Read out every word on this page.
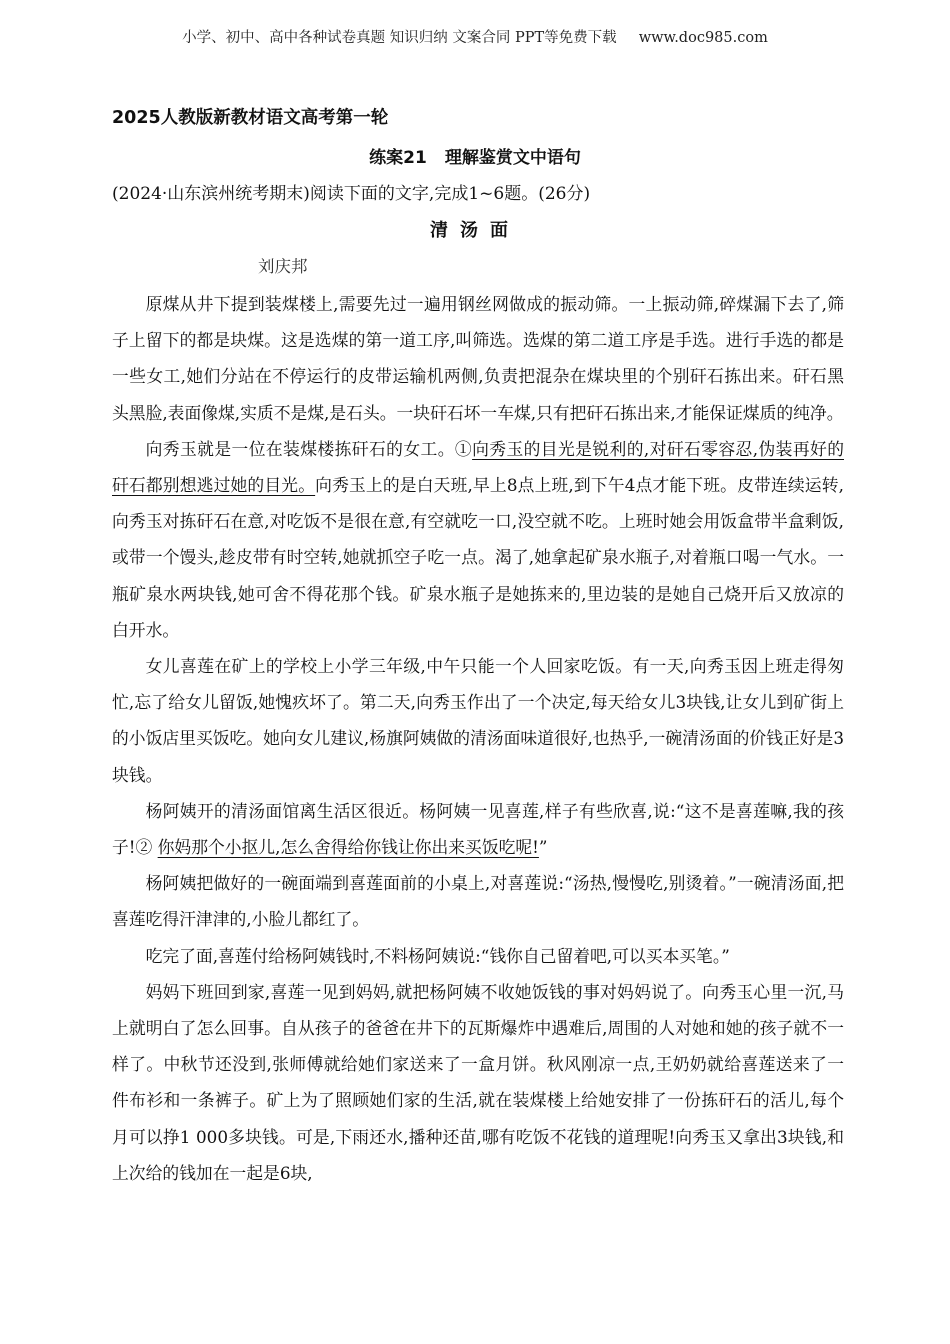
小学、初中、高中各种试卷真题 知识归纳 文案合同 PPT等免费下载 www.doc985.com
2025人教版新教材语文高考第一轮
练案21 理解鉴赏文中语句
(2024·山东滨州统考期末)阅读下面的文字,完成1~6题。(26分)
清汤面
刘庆邦

原煤从井下提到装煤楼上,需要先过一遍用钢丝网做成的振动筛。一上振动筛,碎煤漏下去了,筛子上留下的都是块煤。这是选煤的第一道工序,叫筛选。选煤的第二道工序是手选。进行手选的都是一些女工,她们分站在不停运行的皮带运输机两侧,负责把混杂在煤块里的个别矸石拣出来。矸石黑头黑脸,表面像煤,实质不是煤,是石头。一块矸石坏一车煤,只有把矸石拣出来,才能保证煤质的纯净。

向秀玉就是一位在装煤楼拣矸石的女工。①向秀玉的目光是锐利的,对矸石零容忍,伪装再好的矸石都别想逃过她的目光。向秀玉上的是白天班,早上8点上班,到下午4点才能下班。皮带连续运转,向秀玉对拣矸石在意,对吃饭不是很在意,有空就吃一口,没空就不吃。上班时她会用饭盒带半盒剩饭,或带一个馒头,趁皮带有时空转,她就抓空子吃一点。渴了,她拿起矿泉水瓶子,对着瓶口喝一气水。一瓶矿泉水两块钱,她可舍不得花那个钱。矿泉水瓶子是她拣来的,里边装的是她自己烧开后又放凉的白开水。

女儿喜莲在矿上的学校上小学三年级,中午只能一个人回家吃饭。有一天,向秀玉因上班走得匆忙,忘了给女儿留饭,她愧疚坏了。第二天,向秀玉作出了一个决定,每天给女儿3块钱,让女儿到矿街上的小饭店里买饭吃。她向女儿建议,杨旗阿姨做的清汤面味道很好,也热乎,一碗清汤面的价钱正好是3块钱。

杨阿姨开的清汤面馆离生活区很近。杨阿姨一见喜莲,样子有些欣喜,说:“这不是喜莲嘛,我的孩子!② 你妈那个小抠儿,怎么舍得给你钱让你出来买饭吃呢!”

杨阿姨把做好的一碗面端到喜莲面前的小桌上,对喜莲说:“汤热,慢慢吃,别烫着。”一碗清汤面,把喜莲吃得汗津津的,小脸儿都红了。

吃完了面,喜莲付给杨阿姨钱时,不料杨阿姨说:“钱你自己留着吧,可以买本买笔。”

妈妈下班回到家,喜莲一见到妈妈,就把杨阿姨不收她饭钱的事对妈妈说了。向秀玉心里一沉,马上就明白了怎么回事。自从孩子的爸爸在井下的瓦斯爆炸中遇难后,周围的人对她和她的孩子就不一样了。中秋节还没到,张师傅就给她们家送来了一盒月饼。秋风刚凉一点,王奶奶就给喜莲送来了一件布衫和一条裤子。矿上为了照顾她们家的生活,就在装煤楼上给她安排了一份拣矸石的活儿,每个月可以挣1 000多块钱。可是,下雨还水,播种还苗,哪有吃饭不花钱的道理呢!向秀玉又拿出3块钱,和上次给的钱加在一起是6块,
